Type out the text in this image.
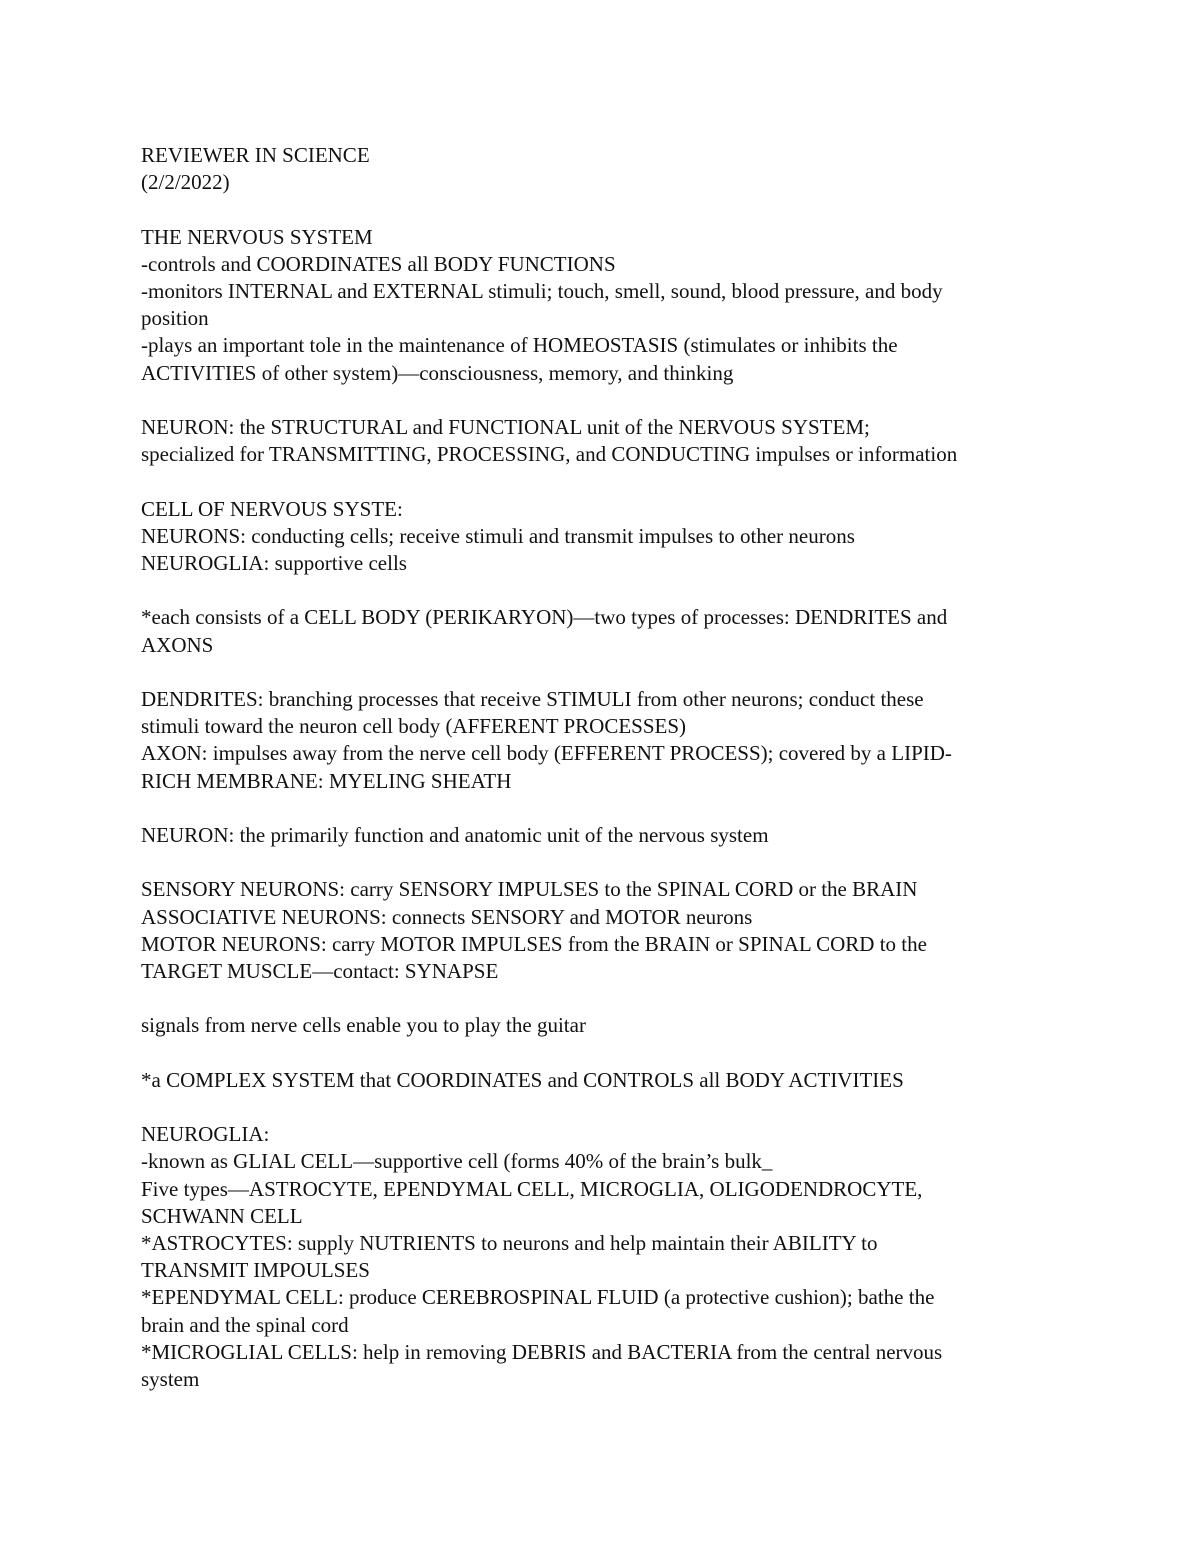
REVIEWER IN SCIENCE
(2/2/2022)
THE NERVOUS SYSTEM
-controls and COORDINATES all BODY FUNCTIONS
-monitors INTERNAL and EXTERNAL stimuli; touch, smell, sound, blood pressure, and body
position
-plays an important tole in the maintenance of HOMEOSTASIS (stimulates or inhibits the
ACTIVITIES of other system)—consciousness, memory, and thinking
NEURON: the STRUCTURAL and FUNCTIONAL unit of the NERVOUS SYSTEM;
specialized for TRANSMITTING, PROCESSING, and CONDUCTING impulses or information
CELL OF NERVOUS SYSTE:
NEURONS: conducting cells; receive stimuli and transmit impulses to other neurons
NEUROGLIA: supportive cells
*each consists of a CELL BODY (PERIKARYON)—two types of processes: DENDRITES and
AXONS
DENDRITES: branching processes that receive STIMULI from other neurons; conduct these
stimuli toward the neuron cell body (AFFERENT PROCESSES)
AXON: impulses away from the nerve cell body (EFFERENT PROCESS); covered by a LIPID-
RICH MEMBRANE: MYELING SHEATH
NEURON: the primarily function and anatomic unit of the nervous system
SENSORY NEURONS: carry SENSORY IMPULSES to the SPINAL CORD or the BRAIN
ASSOCIATIVE NEURONS: connects SENSORY and MOTOR neurons
MOTOR NEURONS: carry MOTOR IMPULSES from the BRAIN or SPINAL CORD to the
TARGET MUSCLE—contact: SYNAPSE
signals from nerve cells enable you to play the guitar
*a COMPLEX SYSTEM that COORDINATES and CONTROLS all BODY ACTIVITIES
NEUROGLIA:
-known as GLIAL CELL—supportive cell (forms 40% of the brain’s bulk_
Five types—ASTROCYTE, EPENDYMAL CELL, MICROGLIA, OLIGODENDROCYTE,
SCHWANN CELL
*ASTROCYTES: supply NUTRIENTS to neurons and help maintain their ABILITY to
TRANSMIT IMPOULSES
*EPENDYMAL CELL: produce CEREBROSPINAL FLUID (a protective cushion); bathe the
brain and the spinal cord
*MICROGLIAL CELLS: help in removing DEBRIS and BACTERIA from the central nervous
system
